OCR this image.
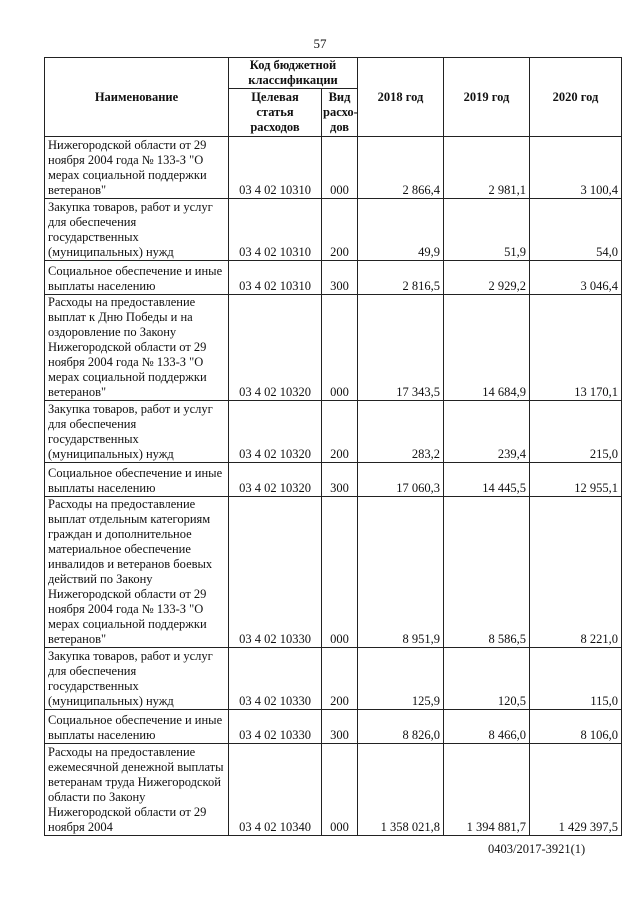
57
Наименование	Код бюджетной классификации		2018 год	2019 год	2020 год
	Целевая статья расходов	Вид расхо-дов			
Нижегородской области от 29 ноября 2004 года № 133-З "О мерах социальной поддержки ветеранов"	03 4 02 10310	000	2 866,4	2 981,1	3 100,4
Закупка товаров, работ и услуг для обеспечения государственных (муниципальных) нужд	03 4 02 10310	200	49,9	51,9	54,0
Социальное обеспечение и иные выплаты населению	03 4 02 10310	300	2 816,5	2 929,2	3 046,4
Расходы на предоставление выплат к Дню Победы и на оздоровление по Закону Нижегородской области от 29 ноября 2004 года № 133-З "О мерах социальной поддержки ветеранов"	03 4 02 10320	000	17 343,5	14 684,9	13 170,1
Закупка товаров, работ и услуг для обеспечения государственных (муниципальных) нужд	03 4 02 10320	200	283,2	239,4	215,0
Социальное обеспечение и иные выплаты населению	03 4 02 10320	300	17 060,3	14 445,5	12 955,1
Расходы на предоставление выплат отдельным категориям граждан и дополнительное материальное обеспечение инвалидов и ветеранов боевых действий по Закону Нижегородской области от 29 ноября 2004 года № 133-З "О мерах социальной поддержки ветеранов"	03 4 02 10330	000	8 951,9	8 586,5	8 221,0
Закупка товаров, работ и услуг для обеспечения государственных (муниципальных) нужд	03 4 02 10330	200	125,9	120,5	115,0
Социальное обеспечение и иные выплаты населению	03 4 02 10330	300	8 826,0	8 466,0	8 106,0
Расходы на предоставление ежемесячной денежной выплаты ветеранам труда Нижегородской области по Закону Нижегородской области от 29 ноября 2004	03 4 02 10340	000	1 358 021,8	1 394 881,7	1 429 397,5
0403/2017-3921(1)
